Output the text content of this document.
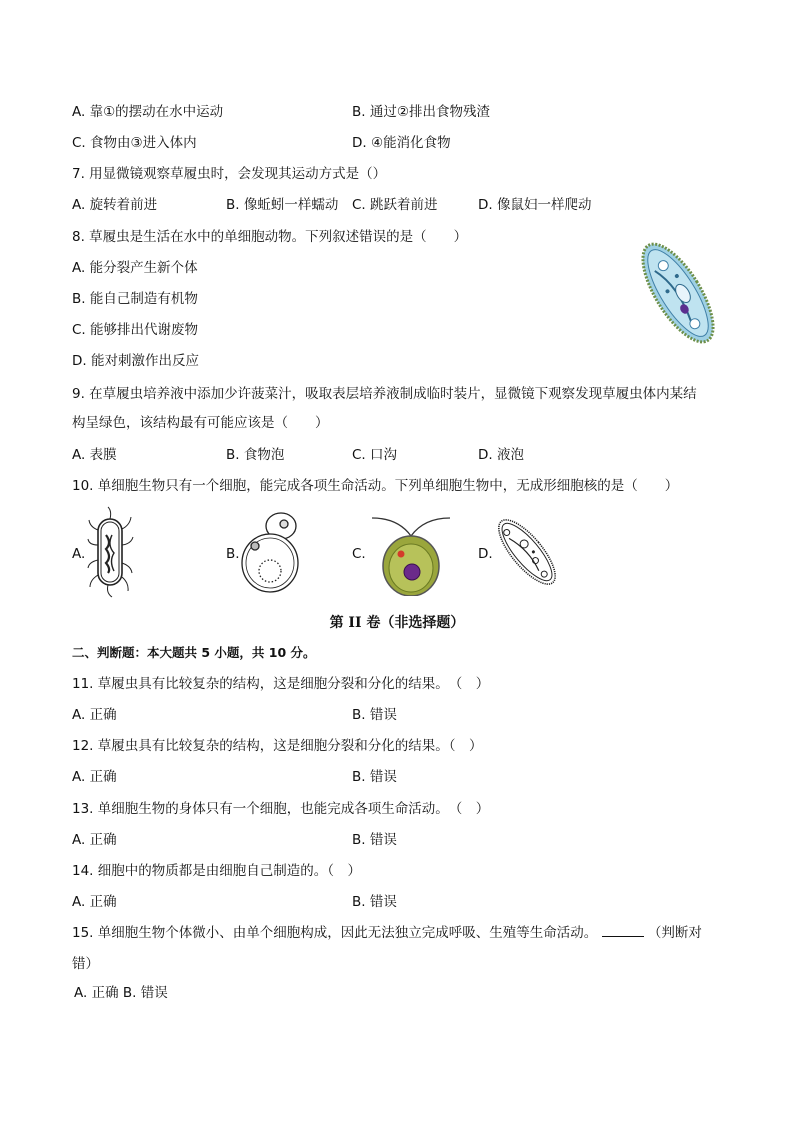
A. 靠①的摆动在水中运动	B. 通过②排出食物残渣
C. 食物由③进入体内	D. ④能消化食物
7. 用显微镜观察草履虫时，会发现其运动方式是（）
A. 旋转着前进	B. 像蚯蚓一样蠕动 C. 跳跃着前进	D. 像鼠妇一样爬动
8. 草履虫是生活在水中的单细胞动物。下列叙述错误的是（　　）
A. 能分裂产生新个体
B. 能自己制造有机物
C. 能够排出代谢废物
D. 能对刺激作出反应
9. 在草履虫培养液中添加少许菠菜汁，吸取表层培养液制成临时装片，显微镜下观察发现草履虫体内某结
构呈绿色，该结构最有可能应该是（　　）
A. 表膜	B. 食物泡	C. 口沟	D. 液泡
10. 单细胞生物只有一个细胞，能完成各项生命活动。下列单细胞生物中，无成形细胞核的是（　　）
A.	B.	C.	D.
第 II 卷（非选择题）
二、判断题：本大题共 5 小题，共 10 分。
11. 草履虫具有比较复杂的结构，这是细胞分裂和分化的结果。　（　）
A. 正确	B. 错误
12. 草履虫具有比较复杂的结构，这是细胞分裂和分化的结果。（　）
A. 正确	B. 错误
13. 单细胞生物的身体只有一个细胞，也能完成各项生命活动。　（　）
A. 正确	B. 错误
14. 细胞中的物质都是由细胞自己制造的。（　）
A. 正确	B. 错误
15. 单细胞生物个体微小、由单个细胞构成，因此无法独立完成呼吸、生殖等生命活动。	（判断对
错）
A. 正确 B. 错误
